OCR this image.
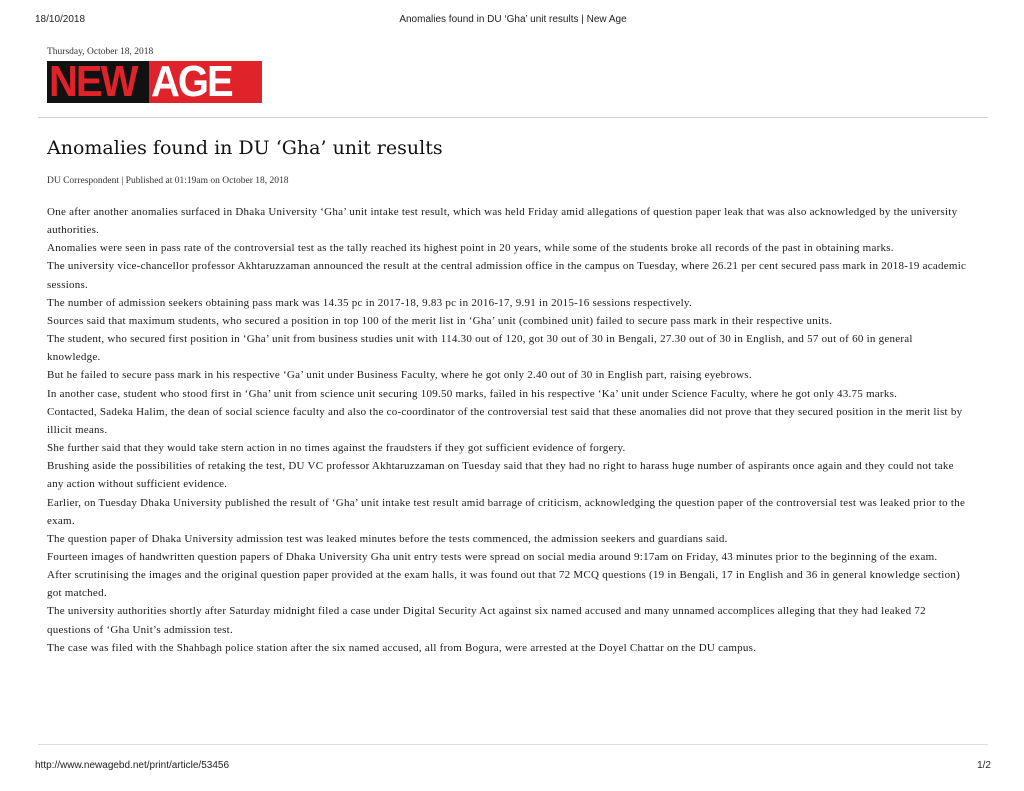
18/10/2018	Anomalies found in DU ‘Gha’ unit results | New Age
Thursday, October 18, 2018
NEW AGE
Anomalies found in DU ‘Gha’ unit results
DU Correspondent | Published at 01:19am on October 18, 2018

One after another anomalies surfaced in Dhaka University ‘Gha’ unit intake test result, which was held Friday amid allegations of question paper leak that was also acknowledged by the university authorities.

Anomalies were seen in pass rate of the controversial test as the tally reached its highest point in 20 years, while some of the students broke all records of the past in obtaining marks.

The university vice-chancellor professor Akhtaruzzaman announced the result at the central admission office in the campus on Tuesday, where 26.21 per cent secured pass mark in 2018-19 academic sessions.

The number of admission seekers obtaining pass mark was 14.35 pc in 2017-18, 9.83 pc in 2016-17, 9.91 in 2015-16 sessions respectively.

Sources said that maximum students, who secured a position in top 100 of the merit list in ‘Gha’ unit (combined unit) failed to secure pass mark in their respective units.

The student, who secured first position in ‘Gha’ unit from business studies unit with 114.30 out of 120, got 30 out of 30 in Bengali, 27.30 out of 30 in English, and 57 out of 60 in general knowledge.

But he failed to secure pass mark in his respective ‘Ga’ unit under Business Faculty, where he got only 2.40 out of 30 in English part, raising eyebrows.

In another case, student who stood first in ‘Gha’ unit from science unit securing 109.50 marks, failed in his respective ‘Ka’ unit under Science Faculty, where he got only 43.75 marks.

Contacted, Sadeka Halim, the dean of social science faculty and also the co-coordinator of the controversial test said that these anomalies did not prove that they secured position in the merit list by illicit means.

She further said that they would take stern action in no times against the fraudsters if they got sufficient evidence of forgery.

Brushing aside the possibilities of retaking the test, DU VC professor Akhtaruzzaman on Tuesday said that they had no right to harass huge number of aspirants once again and they could not take any action without sufficient evidence.

Earlier, on Tuesday Dhaka University published the result of ‘Gha’ unit intake test result amid barrage of criticism, acknowledging the question paper of the controversial test was leaked prior to the exam.

The question paper of Dhaka University admission test was leaked minutes before the tests commenced, the admission seekers and guardians said.

Fourteen images of handwritten question papers of Dhaka University Gha unit entry tests were spread on social media around 9:17am on Friday, 43 minutes prior to the beginning of the exam.

After scrutinising the images and the original question paper provided at the exam halls, it was found out that 72 MCQ questions (19 in Bengali, 17 in English and 36 in general knowledge section) got matched.

The university authorities shortly after Saturday midnight filed a case under Digital Security Act against six named accused and many unnamed accomplices alleging that they had leaked 72 questions of ‘Gha Unit’s admission test.

The case was filed with the Shahbagh police station after the six named accused, all from Bogura, were arrested at the Doyel Chattar on the DU campus.

http://www.newagebd.net/print/article/53456	1/2
